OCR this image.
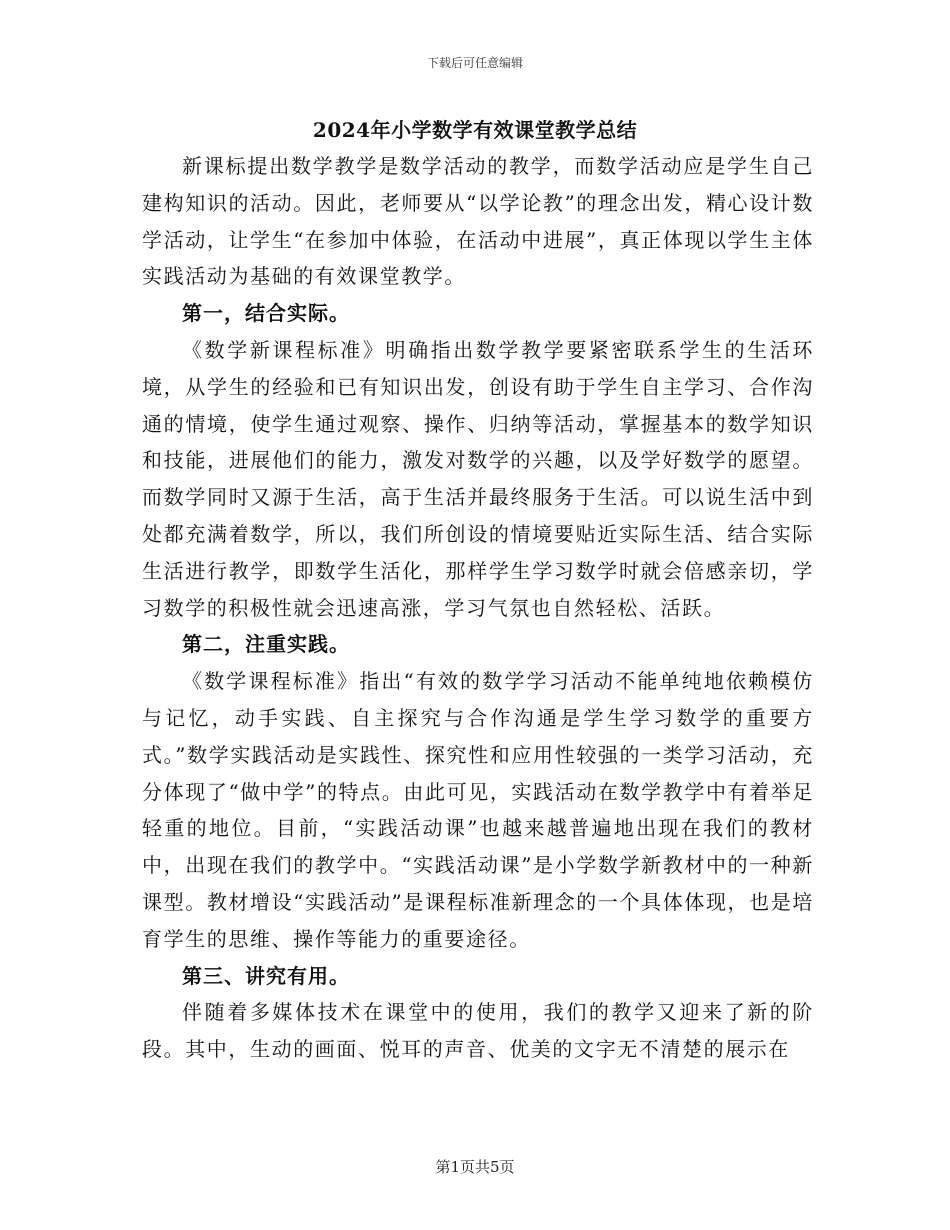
下载后可任意编辑
2024年小学数学有效课堂教学总结

新课标提出数学教学是数学活动的教学，而数学活动应是学生自己建构知识的活动。因此，老师要从“以学论教”的理念出发，精心设计数学活动，让学生“在参加中体验，在活动中进展”，真正体现以学生主体实践活动为基础的有效课堂教学。

第一，结合实际。

《数学新课程标准》明确指出数学教学要紧密联系学生的生活环境，从学生的经验和已有知识出发，创设有助于学生自主学习、合作沟通的情境，使学生通过观察、操作、归纳等活动，掌握基本的数学知识和技能，进展他们的能力，激发对数学的兴趣，以及学好数学的愿望。而数学同时又源于生活，高于生活并最终服务于生活。可以说生活中到处都充满着数学，所以，我们所创设的情境要贴近实际生活、结合实际生活进行教学，即数学生活化，那样学生学习数学时就会倍感亲切，学习数学的积极性就会迅速高涨，学习气氛也自然轻松、活跃。

第二，注重实践。

《数学课程标准》指出“有效的数学学习活动不能单纯地依赖模仿与记忆，动手实践、自主探究与合作沟通是学生学习数学的重要方式。”数学实践活动是实践性、探究性和应用性较强的一类学习活动，充分体现了“做中学”的特点。由此可见，实践活动在数学教学中有着举足轻重的地位。目前，“实践活动课”也越来越普遍地出现在我们的教材中，出现在我们的教学中。“实践活动课”是小学数学新教材中的一种新课型。教材增设“实践活动”是课程标准新理念的一个具体体现，也是培育学生的思维、操作等能力的重要途径。

第三、讲究有用。

伴随着多媒体技术在课堂中的使用，我们的教学又迎来了新的阶段。其中，生动的画面、悦耳的声音、优美的文字无不清楚的展示在

第1页共5页
